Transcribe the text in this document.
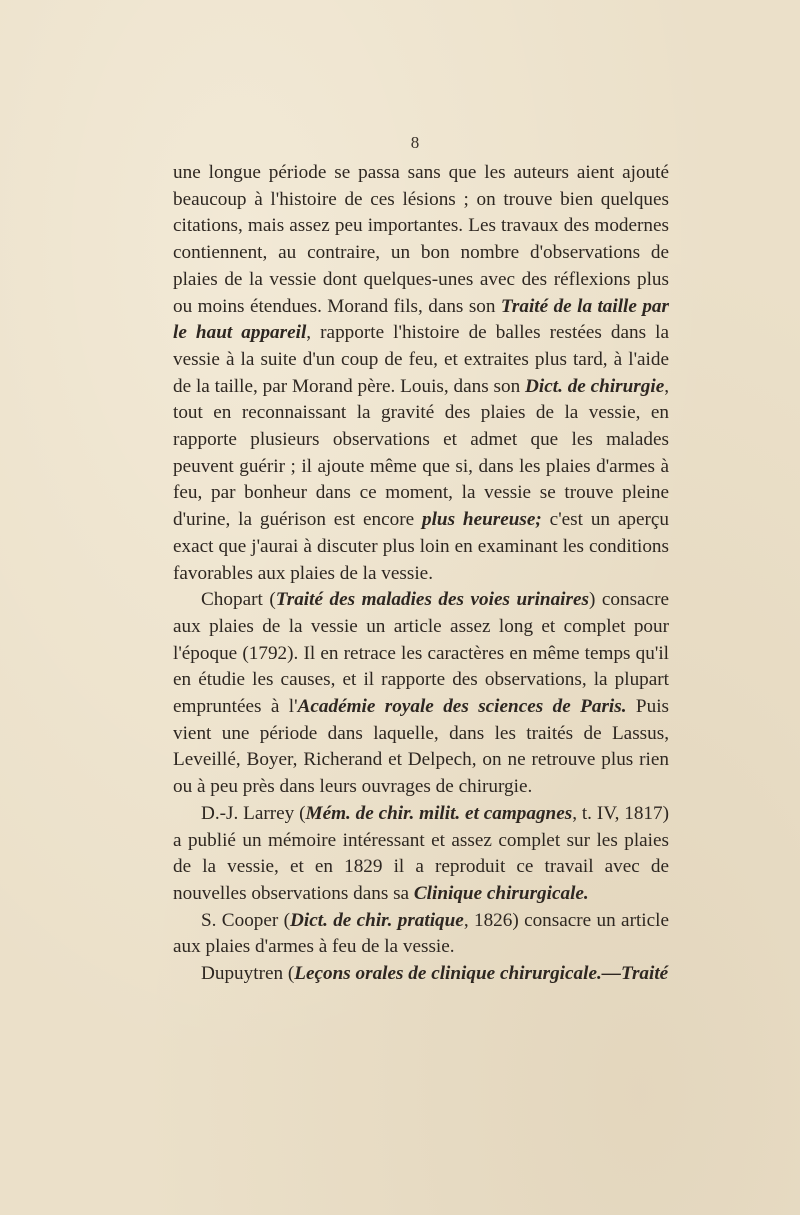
8

une longue période se passa sans que les auteurs aient ajouté beaucoup à l'histoire de ces lésions ; on trouve bien quelques citations, mais assez peu importantes. Les travaux des modernes contiennent, au contraire, un bon nombre d'observations de plaies de la vessie dont quelques-unes avec des réflexions plus ou moins étendues. Morand fils, dans son Traité de la taille par le haut appareil, rapporte l'histoire de balles restées dans la vessie à la suite d'un coup de feu, et extraites plus tard, à l'aide de la taille, par Morand père. Louis, dans son Dict. de chirurgie, tout en reconnaissant la gravité des plaies de la vessie, en rapporte plusieurs observations et admet que les malades peuvent guérir ; il ajoute même que si, dans les plaies d'armes à feu, par bonheur dans ce moment, la vessie se trouve pleine d'urine, la guérison est encore plus heureuse; c'est un aperçu exact que j'aurai à discuter plus loin en examinant les conditions favorables aux plaies de la vessie.

Chopart (Traité des maladies des voies urinaires) consacre aux plaies de la vessie un article assez long et complet pour l'époque (1792). Il en retrace les caractères en même temps qu'il en étudie les causes, et il rapporte des observations, la plupart empruntées à l'Académie royale des sciences de Paris. Puis vient une période dans laquelle, dans les traités de Lassus, Leveillé, Boyer, Richerand et Delpech, on ne retrouve plus rien ou à peu près dans leurs ouvrages de chirurgie.

D.-J. Larrey (Mém. de chir. milit. et campagnes, t. IV, 1817) a publié un mémoire intéressant et assez complet sur les plaies de la vessie, et en 1829 il a reproduit ce travail avec de nouvelles observations dans sa Clinique chirurgicale.

S. Cooper (Dict. de chir. pratique, 1826) consacre un article aux plaies d'armes à feu de la vessie.

Dupuytren (Leçons orales de clinique chirurgicale.—Traité
